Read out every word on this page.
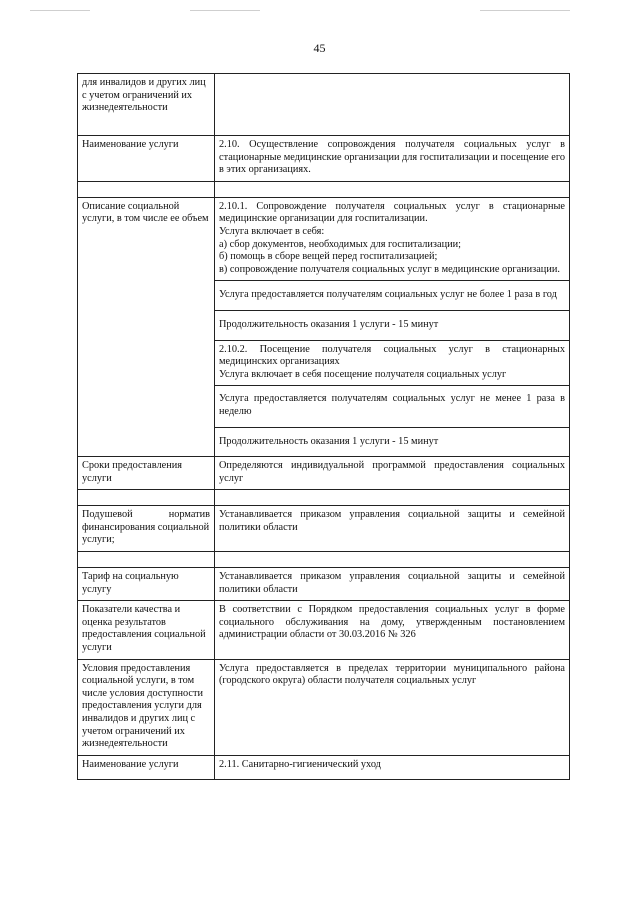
45
для инвалидов и других лиц с учетом ограничений их жизнедеятельности	
Наименование услуги	2.10. Осуществление сопровождения получателя социальных услуг в стационарные медицинские организации для госпитализации и посещение его в этих организациях.

Описание социальной услуги, в том числе ее объем	2.10.1. Сопровождение получателя социальных услуг в стационарные медицинские организации для госпитализации.

Услуга включает в себя:

а) сбор документов, необходимых для госпитализации;

б) помощь в сборе вещей перед госпитализацией;

в) сопровождение получателя социальных услуг в медицинские организации.

	Услуга предоставляется получателям социальных услуг не более 1 раза в год

	Продолжительность оказания 1 услуги - 15 минут

	2.10.2. Посещение получателя социальных услуг в стационарных медицинских организациях

Услуга включает в себя посещение получателя социальных услуг

	Услуга предоставляется получателям социальных услуг не менее 1 раза в неделю

	Продолжительность оказания 1 услуги - 15 минут

Сроки предоставления услуги	Определяются индивидуальной программой предоставления социальных услуг

Подушевой норматив
финансирования социальной услуги;	Устанавливается приказом управления социальной защиты и семейной политики области

Тариф на социальную услугу	Устанавливается приказом управления социальной защиты и семейной политики области

Показатели качества и оценка результатов предоставления социальной услуги	В соответствии с Порядком предоставления социальных услуг в форме социального обслуживания на дому, утвержденным постановлением администрации области от 30.03.2016 № 326

Условия предоставления социальной услуги, в том числе условия доступности предоставления услуги для инвалидов и других лиц с учетом ограничений их жизнедеятельности	Услуга предоставляется в пределах территории муниципального района (городского округа) области получателя социальных услуг

Наименование услуги	2.11. Санитарно-гигиенический уход
